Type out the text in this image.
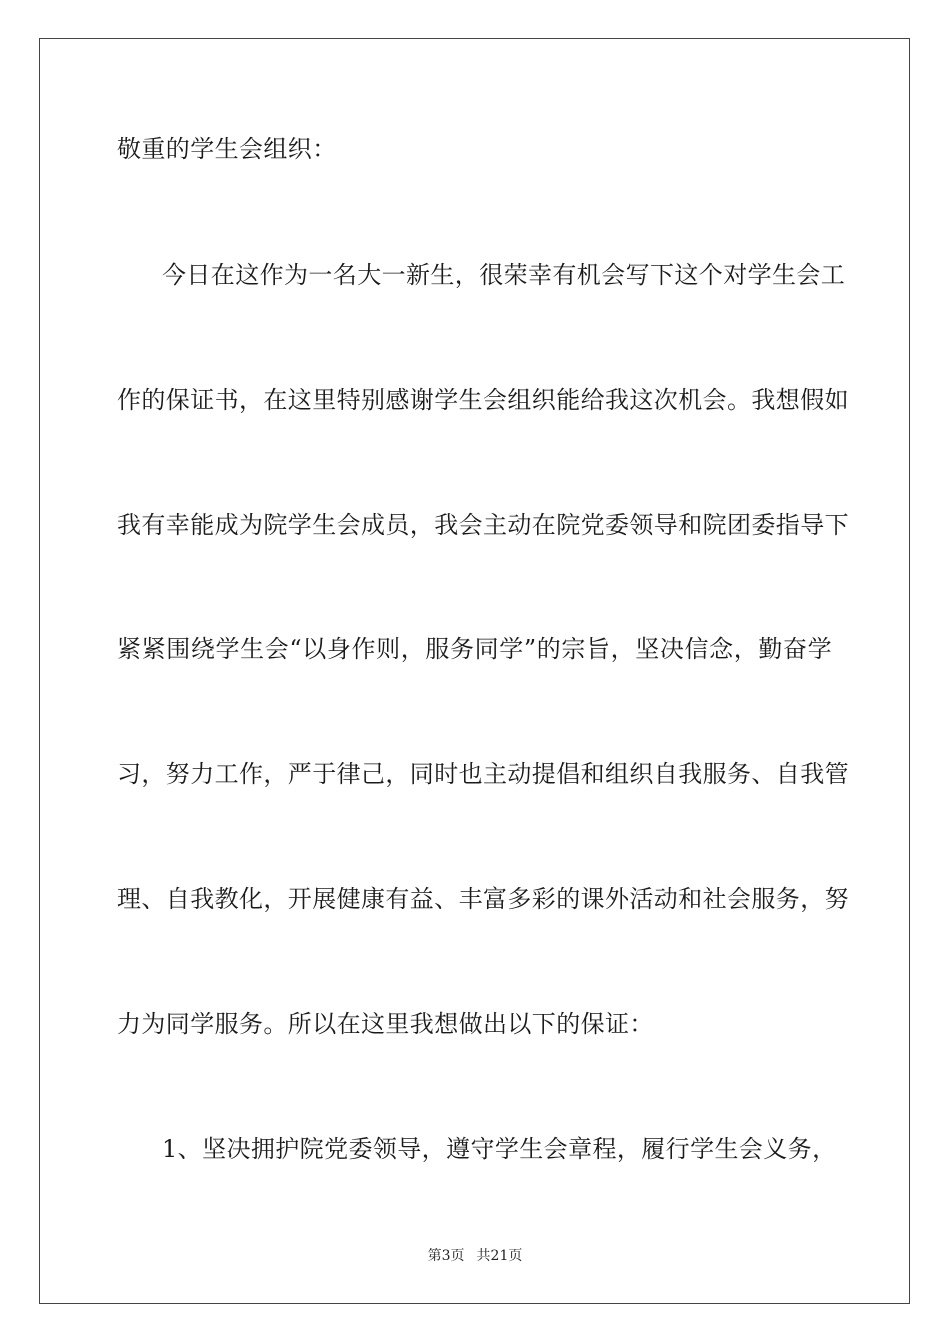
敬重的学生会组织：
今日在这作为一名大一新生，很荣幸有机会写下这个对学生会工
作的保证书，在这里特别感谢学生会组织能给我这次机会。我想假如
我有幸能成为院学生会成员，我会主动在院党委领导和院团委指导下
紧紧围绕学生会“以身作则，服务同学”的宗旨，坚决信念，勤奋学
习，努力工作，严于律己，同时也主动提倡和组织自我服务、自我管
理、自我教化，开展健康有益、丰富多彩的课外活动和社会服务，努
力为同学服务。所以在这里我想做出以下的保证：
1、坚决拥护院党委领导，遵守学生会章程，履行学生会义务，
第3页 共21页
